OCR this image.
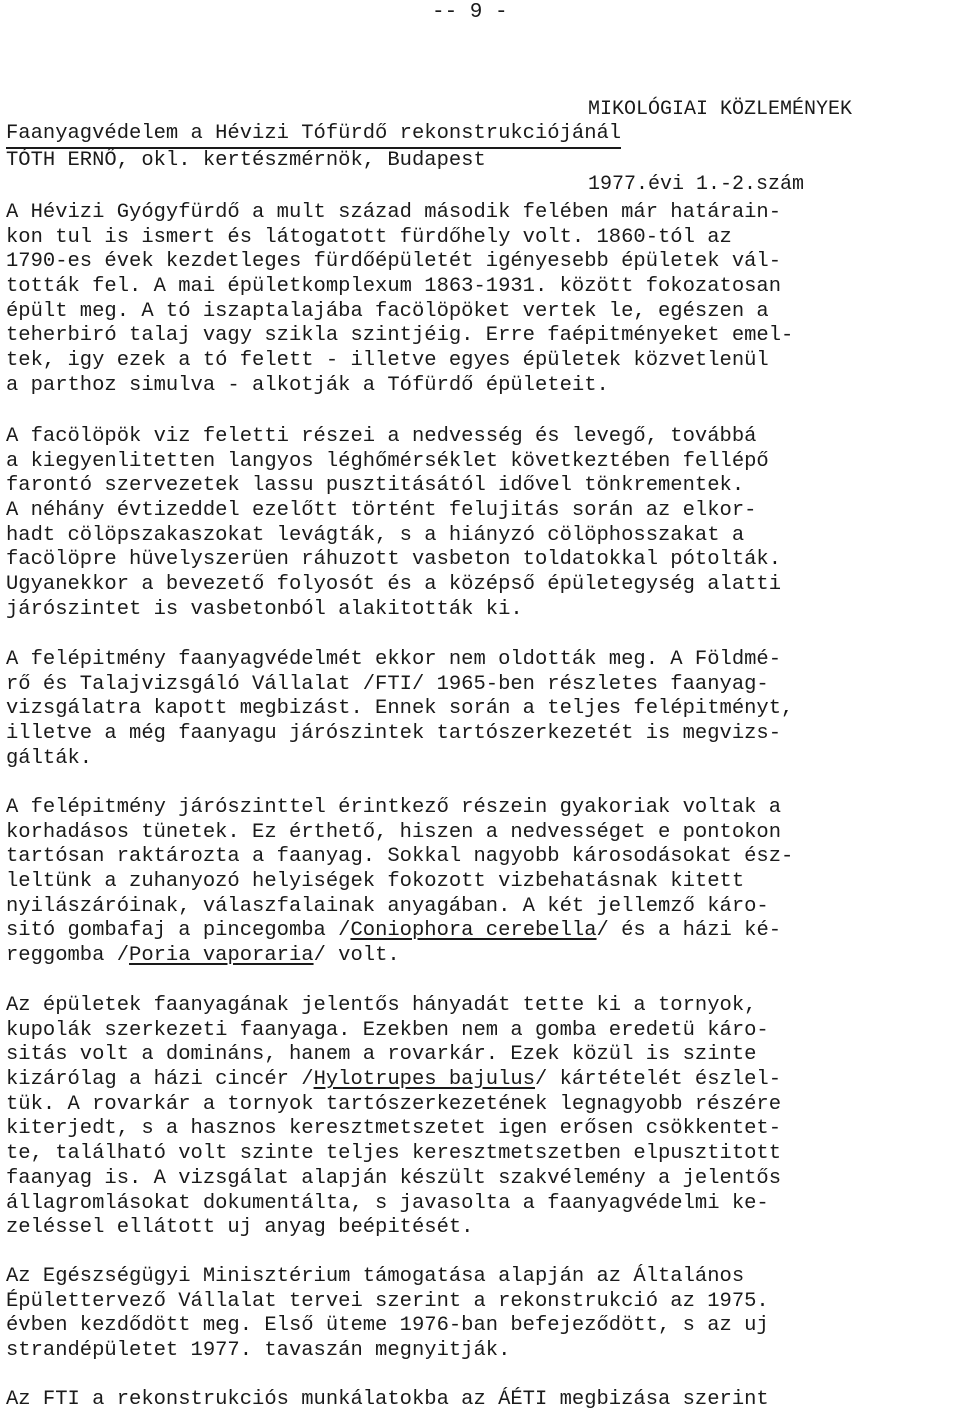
-- 9 -

MIKOLÓGIAI KÖZLEMÉNYEK

1977.évi 1.-2.szám

Faanyagvédelem a Hévizi Tófürdő rekonstrukciójánál
TÓTH ERNŐ, okl. kertészmérnök, Budapest
A Hévizi Gyógyfürdő a mult század második felében már határain-
kon tul is ismert és látogatott fürdőhely volt. 1860-tól az
1790-es évek kezdetleges fürdőépületét igényesebb épületek vál-
tották fel. A mai épületkomplexum 1863-1931. között fokozatosan
épült meg. A tó iszaptalajába facölöpöket vertek le, egészen a
teherbiró talaj vagy szikla szintjéig. Erre faépitményeket emel-
tek, igy ezek a tó felett - illetve egyes épületek közvetlenül
a parthoz simulva - alkotják a Tófürdő épületeit.
A facölöpök viz feletti részei a nedvesség és levegő, továbbá
a kiegyenlitetten langyos léghőmérséklet következtében fellépő
farontó szervezetek lassu pusztitásától idővel tönkrementek.
A néhány évtizeddel ezelőtt történt felujitás során az elkor-
hadt cölöpszakaszokat levágták, s a hiányzó cölöphosszakat a
facölöpre hüvelyszerüen ráhuzott vasbeton toldatokkal pótolták.
Ugyanekkor a bevezető folyosót és a középső épületegység alatti
járószintet is vasbetonból alakitották ki.
A felépitmény faanyagvédelmét ekkor nem oldották meg. A Földmé-
rő és Talajvizsgáló Vállalat /FTI/ 1965-ben részletes faanyag-
vizsgálatra kapott megbizást. Ennek során a teljes felépitményt,
illetve a még faanyagu járószintek tartószerkezetét is megvizs-
gálták.
A felépitmény járószinttel érintkező részein gyakoriak voltak a
korhadásos tünetek. Ez érthető, hiszen a nedvességet e pontokon
tartósan raktározta a faanyag. Sokkal nagyobb károsodásokat ész-
leltünk a zuhanyozó helyiségek fokozott vizbehatásnak kitett
nyilászáróinak, válaszfalainak anyagában. A két jellemző káro-
sitó gombafaj a pincegomba /Coniophora cerebella/ és a házi ké-
reggomba /Poria vaporaria/ volt.
Az épületek faanyagának jelentős hányadát tette ki a tornyok,
kupolák szerkezeti faanyaga. Ezekben nem a gomba eredetü káro-
sitás volt a domináns, hanem a rovarkár. Ezek közül is szinte
kizárólag a házi cincér /Hylotrupes bajulus/ kártételét észlel-
tük. A rovarkár a tornyok tartószerkezetének legnagyobb részére
kiterjedt, s a hasznos keresztmetszetet igen erősen csökkentet-
te, található volt szinte teljes keresztmetszetben elpusztitott
faanyag is. A vizsgálat alapján készült szakvélemény a jelentős
állagromlásokat dokumentálta, s javasolta a faanyagvédelmi ke-
zeléssel ellátott uj anyag beépitését.
Az Egészségügyi Minisztérium támogatása alapján az Általános
Épülettervező Vállalat tervei szerint a rekonstrukció az 1975.
évben kezdődött meg. Első üteme 1976-ban befejeződött, s az uj
strandépületet 1977. tavaszán megnyitják.
Az FTI a rekonstrukciós munkálatokba az ÁÉTI megbizása szerint
